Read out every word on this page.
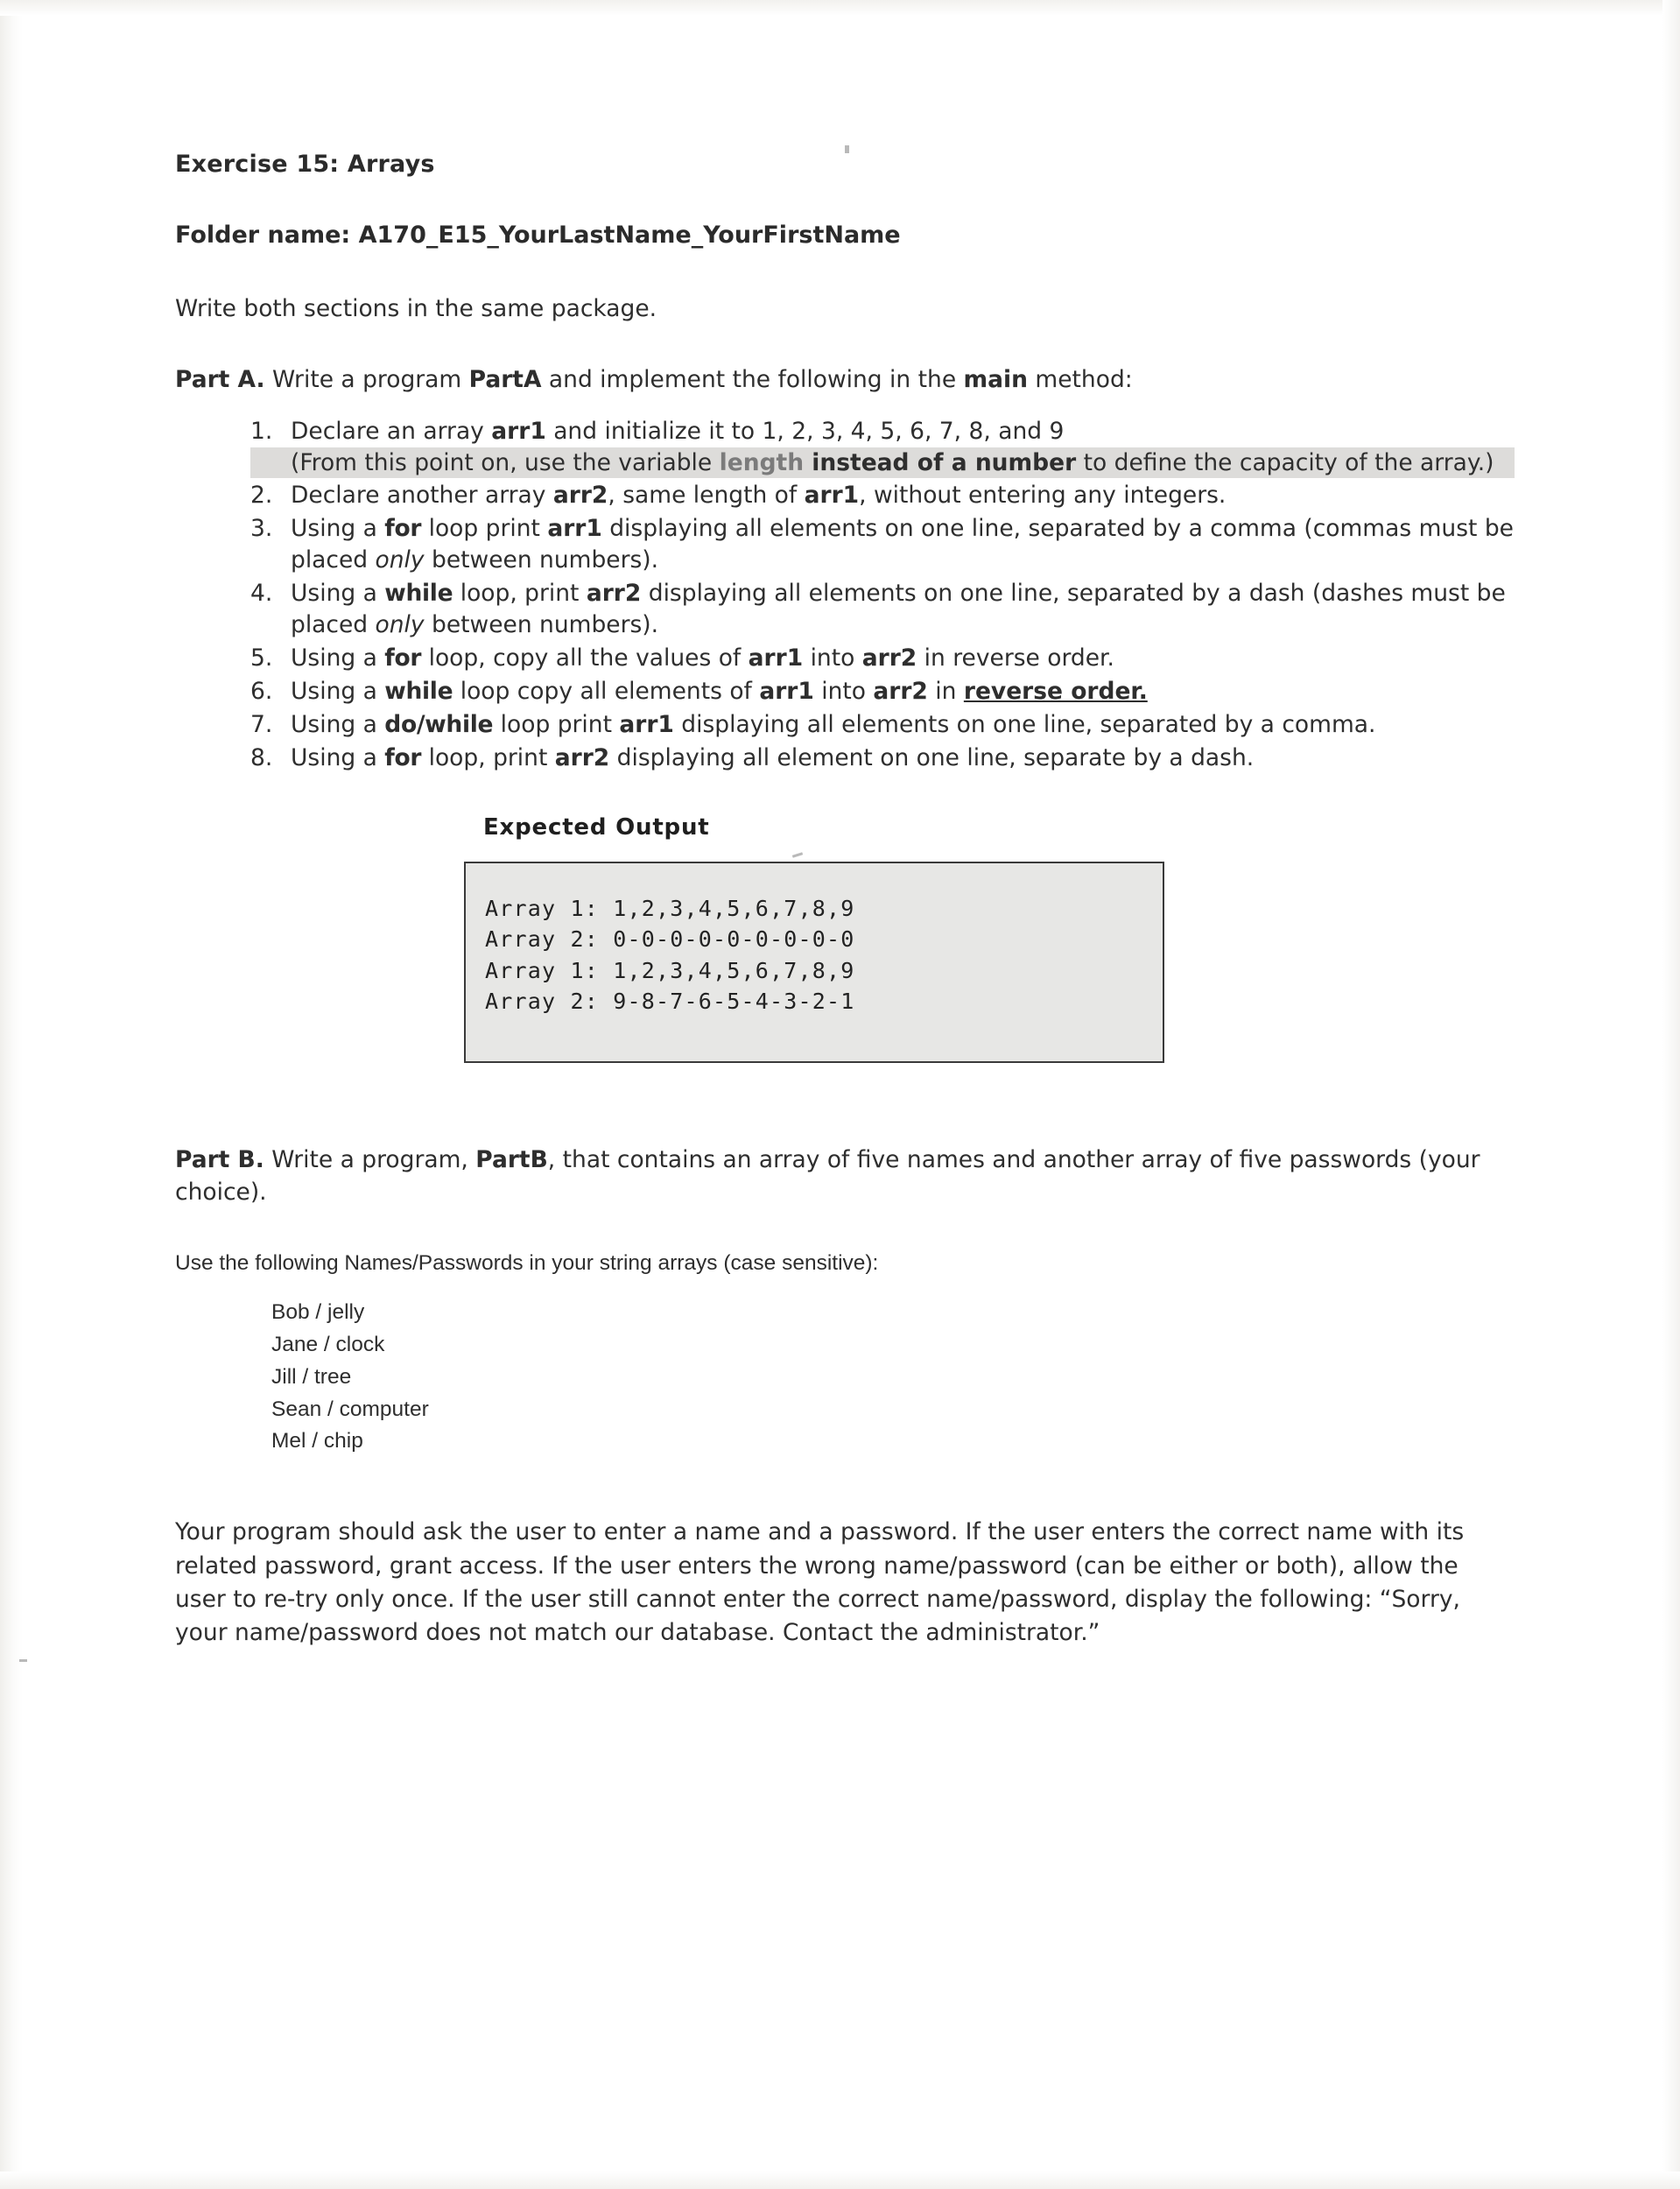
Exercise 15: Arrays

Folder name: A170_E15_YourLastName_YourFirstName

Write both sections in the same package.

Part A. Write a program PartA and implement the following in the main method:

Declare an array arr1 and initialize it to 1, 2, 3, 4, 5, 6, 7, 8, and 9
(From this point on, use the variable length instead of a number to define the capacity of the array.)
Declare another array arr2, same length of arr1, without entering any integers.
Using a for loop print arr1 displaying all elements on one line, separated by a comma (commas must be placed only between numbers).
Using a while loop, print arr2 displaying all elements on one line, separated by a dash (dashes must be placed only between numbers).
Using a for loop, copy all the values of arr1 into arr2 in reverse order.
Using a while loop copy all elements of arr1 into arr2 in reverse order.
Using a do/while loop print arr1 displaying all elements on one line, separated by a comma.
Using a for loop, print arr2 displaying all element on one line, separate by a dash.
Expected Output
Array 1: 1,2,3,4,5,6,7,8,9
Array 2: 0-0-0-0-0-0-0-0-0
Array 1: 1,2,3,4,5,6,7,8,9
Array 2: 9-8-7-6-5-4-3-2-1

Part B. Write a program, PartB, that contains an array of five names and another array of five passwords (your choice).

Use the following Names/Passwords in your string arrays (case sensitive):

Bob / jelly
Jane / clock
Jill / tree
Sean / computer
Mel / chip

Your program should ask the user to enter a name and a password. If the user enters the correct name with its related password, grant access. If the user enters the wrong name/password (can be either or both), allow the user to re-try only once. If the user still cannot enter the correct name/password, display the following: “Sorry, your name/password does not match our database. Contact the administrator.”
